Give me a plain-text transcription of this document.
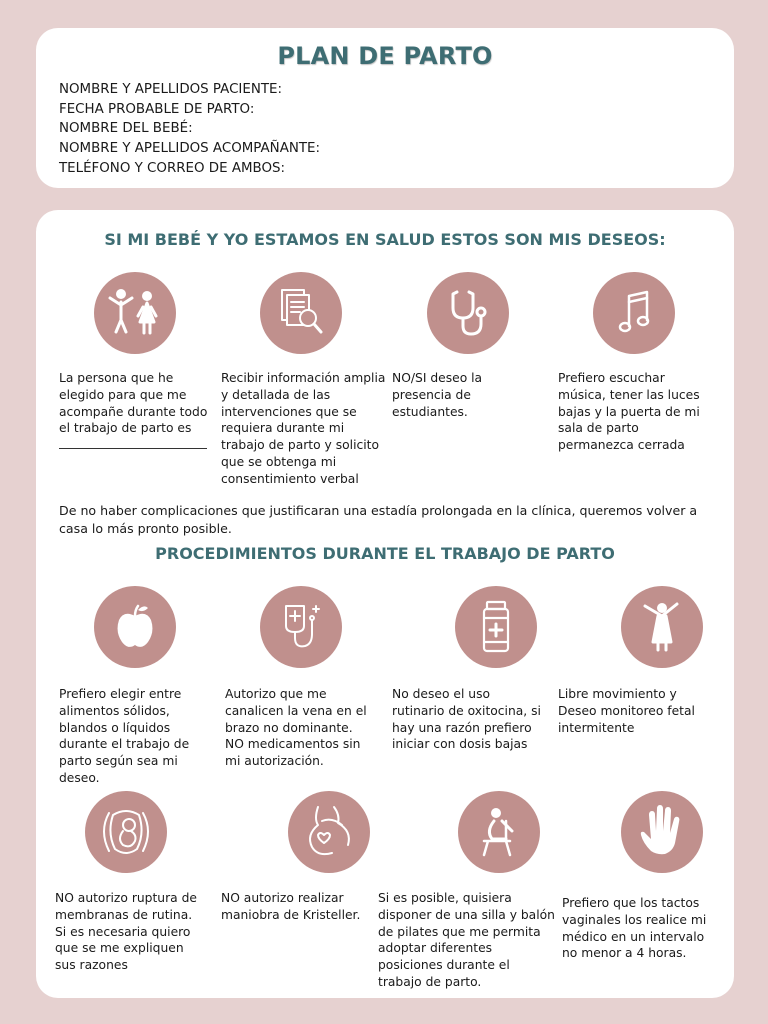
PLAN DE PARTO
NOMBRE Y APELLIDOS PACIENTE:
FECHA PROBABLE DE PARTO:
NOMBRE DEL BEBÉ:
NOMBRE Y APELLIDOS ACOMPAÑANTE:
TELÉFONO Y CORREO DE AMBOS:
SI MI BEBÉ Y YO ESTAMOS EN SALUD ESTOS SON MIS DESEOS:
La persona que he elegido para que me acompañe durante todo el trabajo de parto es

Recibir información amplia y detallada de las intervenciones que se requiera durante mi trabajo de parto y solicito que se obtenga mi consentimiento verbal
NO/SI deseo la presencia de estudiantes.
Prefiero escuchar música, tener las luces bajas y la puerta de mi sala de parto permanezca cerrada
De no haber complicaciones que justificaran una estadía prolongada en la clínica, queremos volver a casa lo más pronto posible.
PROCEDIMIENTOS DURANTE EL TRABAJO DE PARTO
Prefiero elegir entre alimentos sólidos, blandos o líquidos durante el trabajo de parto según sea mi deseo.
Autorizo que me canalicen la vena en el brazo no dominante. NO medicamentos sin mi autorización.
No deseo el uso rutinario de oxitocina, si hay una razón prefiero iniciar con dosis bajas
Libre movimiento y Deseo monitoreo fetal intermitente
NO autorizo ruptura de membranas de rutina. Si es necesaria quiero que se me expliquen sus razones
NO autorizo realizar maniobra de Kristeller.
Si es posible, quisiera disponer de una silla y balón de pilates que me permita adoptar diferentes posiciones durante el trabajo de parto.
Prefiero que los tactos vaginales los realice mi médico en un intervalo no menor a 4 horas.
